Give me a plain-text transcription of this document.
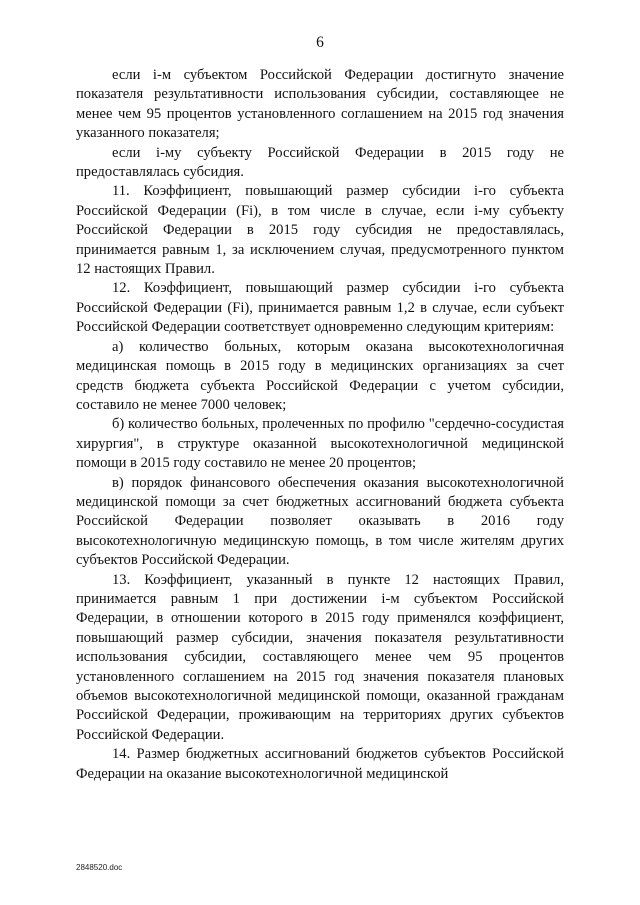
6

если i-м субъектом Российской Федерации достигнуто значение показателя результативности использования субсидии, составляющее не менее чем 95 процентов установленного соглашением на 2015 год значения указанного показателя;

если i-му субъекту Российской Федерации в 2015 году не предоставлялась субсидия.

11. Коэффициент, повышающий размер субсидии i-го субъекта Российской Федерации (Fi), в том числе в случае, если i-му субъекту Российской Федерации в 2015 году субсидия не предоставлялась, принимается равным 1, за исключением случая, предусмотренного пунктом 12 настоящих Правил.

12. Коэффициент, повышающий размер субсидии i-го субъекта Российской Федерации (Fi), принимается равным 1,2 в случае, если субъект Российской Федерации соответствует одновременно следующим критериям:

а) количество больных, которым оказана высокотехнологичная медицинская помощь в 2015 году в медицинских организациях за счет средств бюджета субъекта Российской Федерации с учетом субсидии, составило не менее 7000 человек;

б) количество больных, пролеченных по профилю "сердечно-сосудистая хирургия", в структуре оказанной высокотехнологичной медицинской помощи в 2015 году составило не менее 20 процентов;

в) порядок финансового обеспечения оказания высокотехнологичной медицинской помощи за счет бюджетных ассигнований бюджета субъекта Российской Федерации позволяет оказывать в 2016 году высокотехнологичную медицинскую помощь, в том числе жителям других субъектов Российской Федерации.

13. Коэффициент, указанный в пункте 12 настоящих Правил, принимается равным 1 при достижении i-м субъектом Российской Федерации, в отношении которого в 2015 году применялся коэффициент, повышающий размер субсидии, значения показателя результативности использования субсидии, составляющего менее чем 95 процентов установленного соглашением на 2015 год значения показателя плановых объемов высокотехнологичной медицинской помощи, оказанной гражданам Российской Федерации, проживающим на территориях других субъектов Российской Федерации.

14. Размер бюджетных ассигнований бюджетов субъектов Российской Федерации на оказание высокотехнологичной медицинской

2848520.doc
